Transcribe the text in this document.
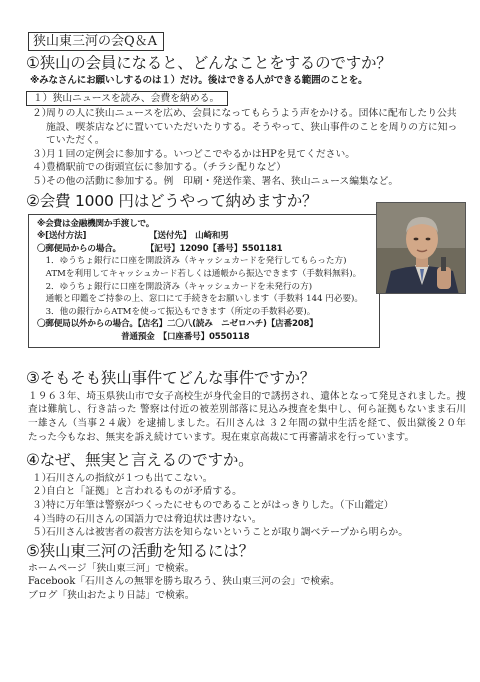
狭山東三河の会Q＆A
①狭山の会員になると、どんなことをするのですか？
※みなさんにお願いしするのは１）だけ。後はできる人ができる範囲のことを。
１）狭山ニュースを読み、会費を納める。
２）
周りの人に狭山ニュースを広め、会員になってもらうよう声をかける。団体に配布したり公共施設、喫茶店などに置いていただいたりする。そうやって、狭山事件のことを周りの方に知っていただく。
３）
月１回の定例会に参加する。いつどこでやるかはHPを見てください。
４）
豊橋駅前での街頭宣伝に参加する。（チラシ配りなど）
５）
その他の活動に参加する。例　印刷・発送作業、署名、狭山ニュース編集など。
②会費 1000 円はどうやって納めますか？
※会費は金融機関か手渡しで。
※[送付方法]　　　　　　　　【送付先】　山崎和男
〇郵便局からの場合。　　　　【記号】12090【番号】5501181
　1．ゆうちょ銀行に口座を開設済み（キャッシュカードを発行してもらった方)
　ATMを利用してキャッシュカード若しくは通帳から振込できます（手数料無料)。
　2．ゆうちょ銀行に口座を開設済み（キャッシュカードを未発行の方)
　通帳と印鑑をご持参の上、窓口にて手続きをお願いします（手数料 144 円必要)。
　3．他の銀行からATMを使って振込もできます（所定の手数料必要)。
〇郵便局以外からの場合。【店名】二〇八(読み　ニゼロハチ)【店番208】
　　　　　　　　　　普通預金　【口座番号】0550118
③そもそも狭山事件てどんな事件ですか？
１９６３年、埼玉県狭山市で女子高校生が身代金目的で誘拐され、遺体となって発見されました。捜査は難航し、行き詰った 警察は付近の被差別部落に見込み捜査を集中し、何ら証拠もないまま石川一雄さん（当事２４歳）を逮捕しました。石川さんは ３２年間の獄中生活を経て、仮出獄後２０年たった今もなお、無実を訴え続けています。現在東京高裁にて再審請求を行っています。
④なぜ、無実と言えるのですか。
１）
石川さんの指紋が１つも出てこない。
２）
自白と「証拠」と言われるものが矛盾する。
３）
特に万年筆は警察がつくったにせものであることがはっきりした。（下山鑑定）
４）
当時の石川さんの国語力では脅迫状は書けない。
５）
石川さんは被害者の殺害方法を知らないということが取り調べテープから明らか。
⑤狭山東三河の活動を知るには？
ホームページ「狭山東三河」で検索。
Facebook「石川さんの無罪を勝ち取ろう、狭山東三河の会」で検索。
ブログ「狭山おたより日誌」で検索。
